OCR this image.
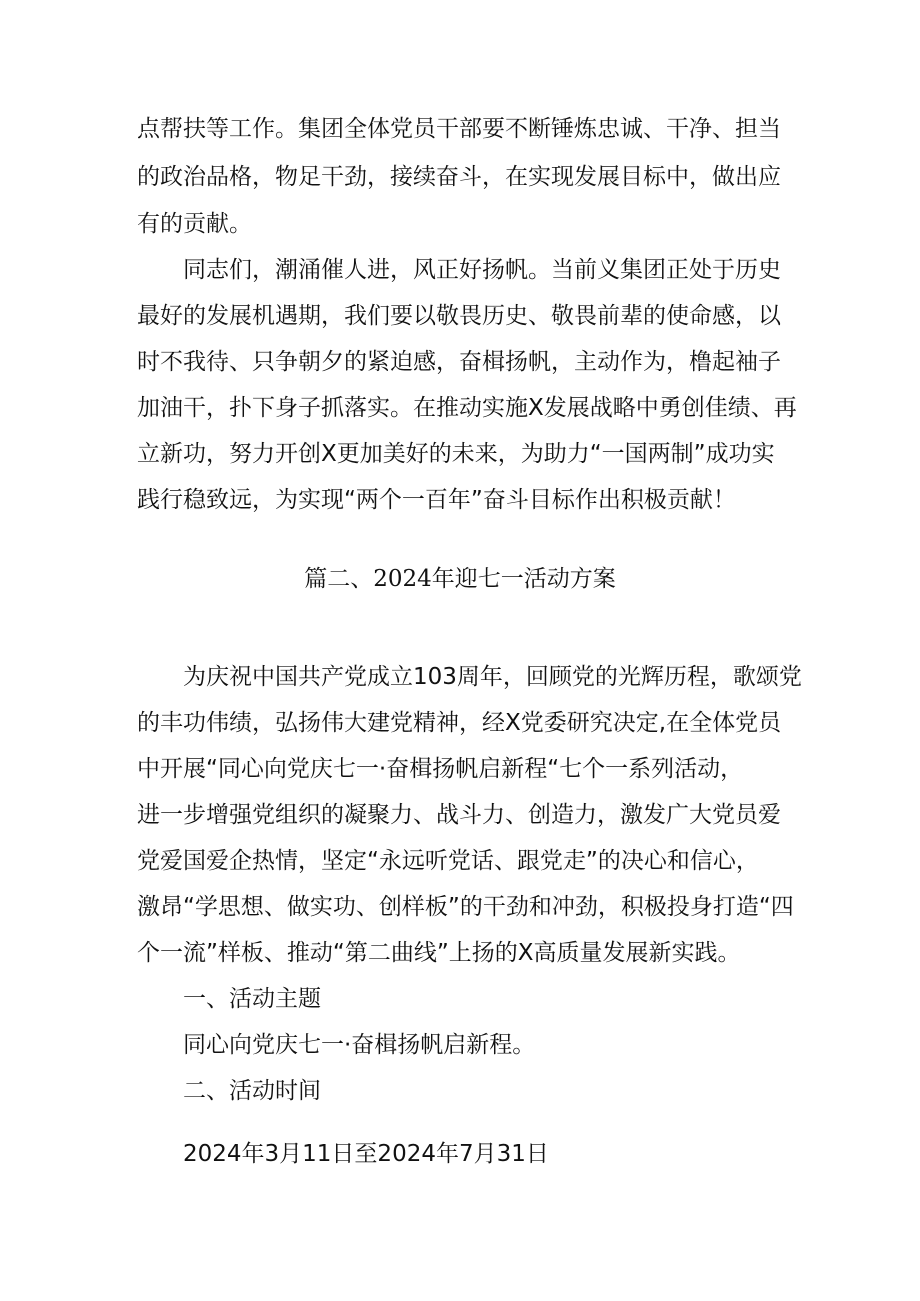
点帮扶等工作。集团全体党员干部要不断锤炼忠诚、干净、担当
的政治品格，物足干劲，接续奋斗，在实现发展目标中，做出应
有的贡献。
同志们，潮涌催人进，风正好扬帆。当前义集团正处于历史
最好的发展机遇期，我们要以敬畏历史、敬畏前辈的使命感，以
时不我待、只争朝夕的紧迫感，奋楫扬帆，主动作为，橹起袖子
加油干，扑下身子抓落实。在推动实施X发展战略中勇创佳绩、再
立新功，努力开创X更加美好的未来，为助力“一国两制”成功实
践行稳致远，为实现“两个一百年”奋斗目标作出积极贡献！
篇二、2024年迎七一活动方案
为庆祝中国共产党成立103周年，回顾党的光辉历程，歌颂党
的丰功伟绩，弘扬伟大建党精神，经X党委研究决定,在全体党员
中开展“同心向党庆七一·奋楫扬帆启新程“七个一系列活动，
进一步增强党组织的凝聚力、战斗力、创造力，激发广大党员爱
党爱国爱企热情，坚定“永远听党话、跟党走”的决心和信心，
激昂“学思想、做实功、创样板”的干劲和冲劲，积极投身打造“四
个一流”样板、推动“第二曲线”上扬的X高质量发展新实践。
一、活动主题
同心向党庆七一·奋楫扬帆启新程。
二、活动时间
2024年3月11日至2024年7月31日
